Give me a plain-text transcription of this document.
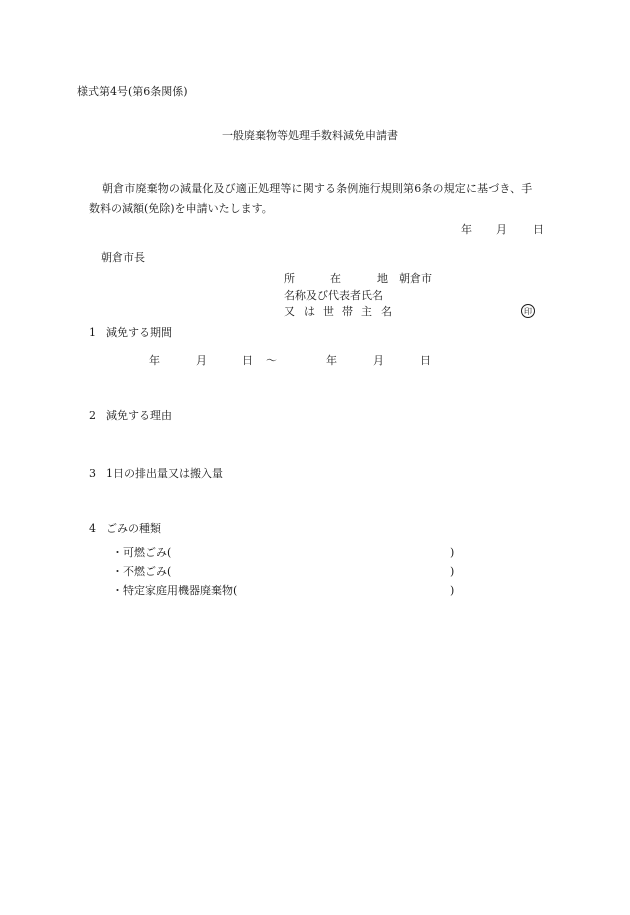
様式第4号(第6条関係)
一般廃棄物等処理手数料減免申請書
朝倉市廃棄物の減量化及び適正処理等に関する条例施行規則第6条の規定に基づき、手
数料の減額(免除)を申請いたします。
年 月 日
朝倉市長
所	在	地 朝倉市
名称及び代表者氏名
又 は 世 帯 主 名	印
1 減免する期間
年	月	日 〜	年	月	日
2 減免する理由
3 1日の排出量又は搬入量
4 ごみの種類
・可燃ごみ(	)
・不燃ごみ(	)
・特定家庭用機器廃棄物(	)
